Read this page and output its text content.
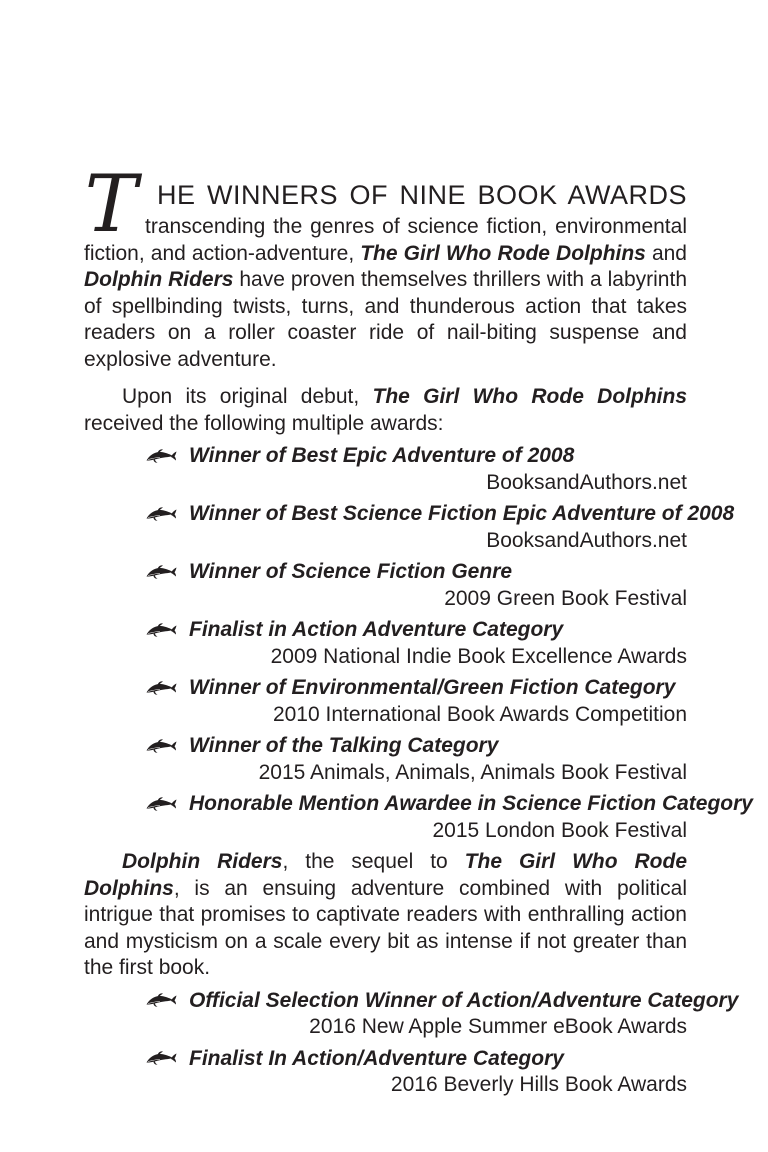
T HE WINNERS OF NINE BOOK AWARDS
transcending the genres of science fiction, environmental fiction, and action-adventure, The Girl Who Rode Dolphins and Dolphin Riders have proven themselves thrillers with a labyrinth of spellbinding twists, turns, and thunderous action that takes readers on a roller coaster ride of nail-biting suspense and explosive adventure.

Upon its original debut, The Girl Who Rode Dolphins received the following multiple awards:

Winner of Best Epic Adventure of 2008
BooksandAuthors.net
Winner of Best Science Fiction Epic Adventure of 2008
BooksandAuthors.net
Winner of Science Fiction Genre
2009 Green Book Festival
Finalist in Action Adventure Category
2009 National Indie Book Excellence Awards
Winner of Environmental/Green Fiction Category
2010 International Book Awards Competition
Winner of the Talking Category
2015 Animals, Animals, Animals Book Festival
Honorable Mention Awardee in Science Fiction Category
2015 London Book Festival

Dolphin Riders, the sequel to The Girl Who Rode Dolphins, is an ensuing adventure combined with political intrigue that promises to captivate readers with enthralling action and mysticism on a scale every bit as intense if not greater than the first book.

Official Selection Winner of Action/Adventure Category
2016 New Apple Summer eBook Awards
Finalist In Action/Adventure Category
2016 Beverly Hills Book Awards
